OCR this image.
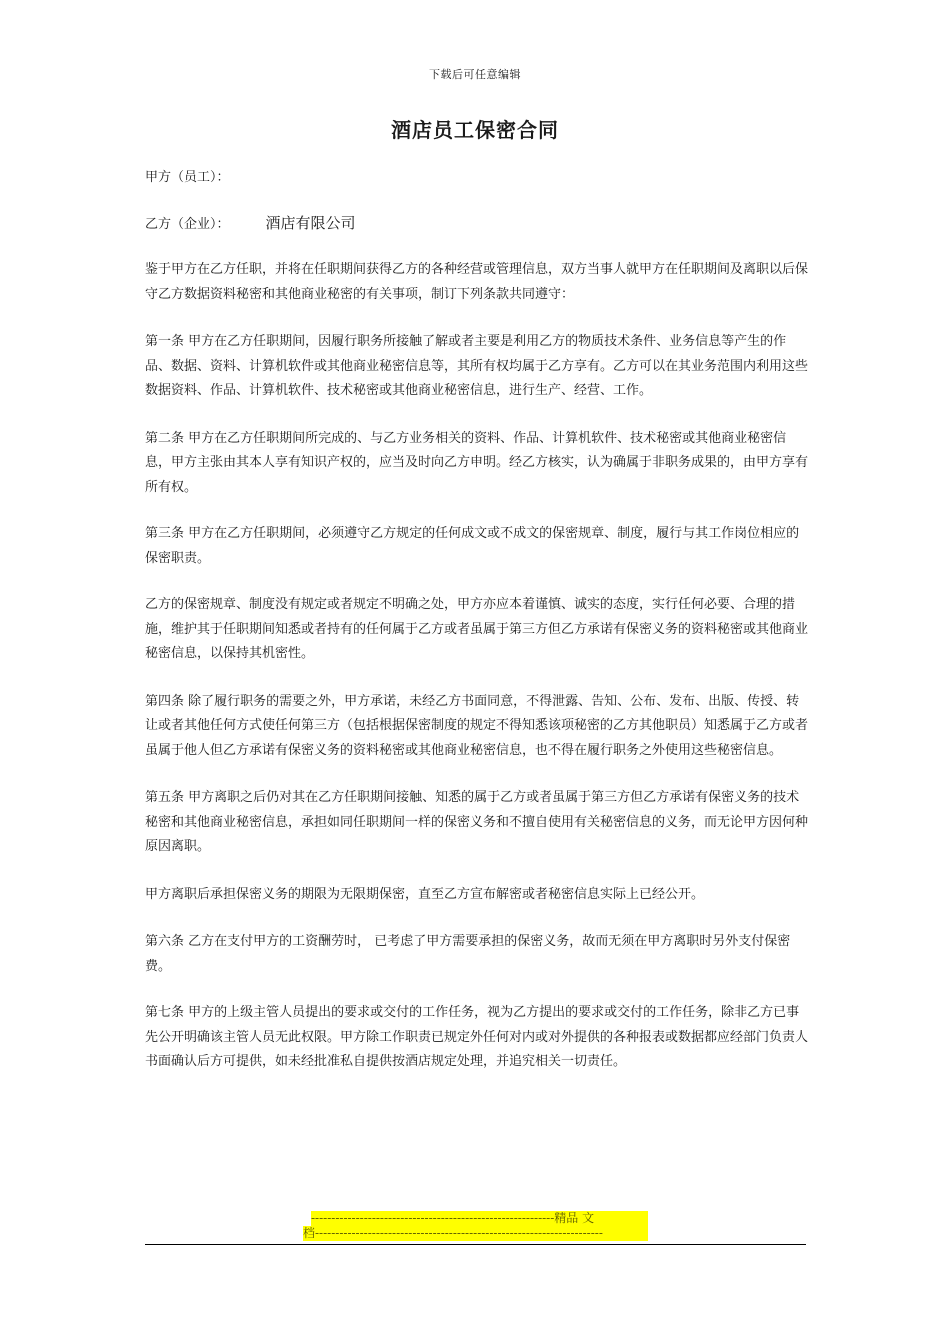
下载后可任意编辑
酒店员工保密合同
甲方（员工）：
乙方（企业）： 酒店有限公司

鉴于甲方在乙方任职，并将在任职期间获得乙方的各种经营或管理信息，双方当事人就甲方在任职期间及离职以后保守乙方数据资料秘密和其他商业秘密的有关事项，制订下列条款共同遵守：

第一条 甲方在乙方任职期间，因履行职务所接触了解或者主要是利用乙方的物质技术条件、业务信息等产生的作品、数据、资料、计算机软件或其他商业秘密信息等，其所有权均属于乙方享有。乙方可以在其业务范围内利用这些数据资料、作品、计算机软件、技术秘密或其他商业秘密信息，进行生产、经营、工作。

第二条 甲方在乙方任职期间所完成的、与乙方业务相关的资料、作品、计算机软件、技术秘密或其他商业秘密信息，甲方主张由其本人享有知识产权的，应当及时向乙方申明。经乙方核实，认为确属于非职务成果的，由甲方享有所有权。

第三条 甲方在乙方任职期间，必须遵守乙方规定的任何成文或不成文的保密规章、制度，履行与其工作岗位相应的保密职责。

乙方的保密规章、制度没有规定或者规定不明确之处，甲方亦应本着谨慎、诚实的态度，实行任何必要、合理的措施，维护其于任职期间知悉或者持有的任何属于乙方或者虽属于第三方但乙方承诺有保密义务的资料秘密或其他商业秘密信息，以保持其机密性。

第四条 除了履行职务的需要之外，甲方承诺，未经乙方书面同意，不得泄露、告知、公布、发布、出版、传授、转让或者其他任何方式使任何第三方（包括根据保密制度的规定不得知悉该项秘密的乙方其他职员）知悉属于乙方或者虽属于他人但乙方承诺有保密义务的资料秘密或其他商业秘密信息，也不得在履行职务之外使用这些秘密信息。

第五条 甲方离职之后仍对其在乙方任职期间接触、知悉的属于乙方或者虽属于第三方但乙方承诺有保密义务的技术秘密和其他商业秘密信息，承担如同任职期间一样的保密义务和不擅自使用有关秘密信息的义务，而无论甲方因何种原因离职。

甲方离职后承担保密义务的期限为无限期保密，直至乙方宣布解密或者秘密信息实际上已经公开。

第六条 乙方在支付甲方的工资酬劳时， 已考虑了甲方需要承担的保密义务，故而无须在甲方离职时另外支付保密费。

第七条 甲方的上级主管人员提出的要求或交付的工作任务，视为乙方提出的要求或交付的工作任务，除非乙方已事先公开明确该主管人员无此权限。甲方除工作职责已规定外任何对内或对外提供的各种报表或数据都应经部门负责人书面确认后方可提供，如未经批准私自提供按酒店规定处理，并追究相关一切责任。

------------------------------------------------------------精品 文
档-----------------------------------------------------------------------
